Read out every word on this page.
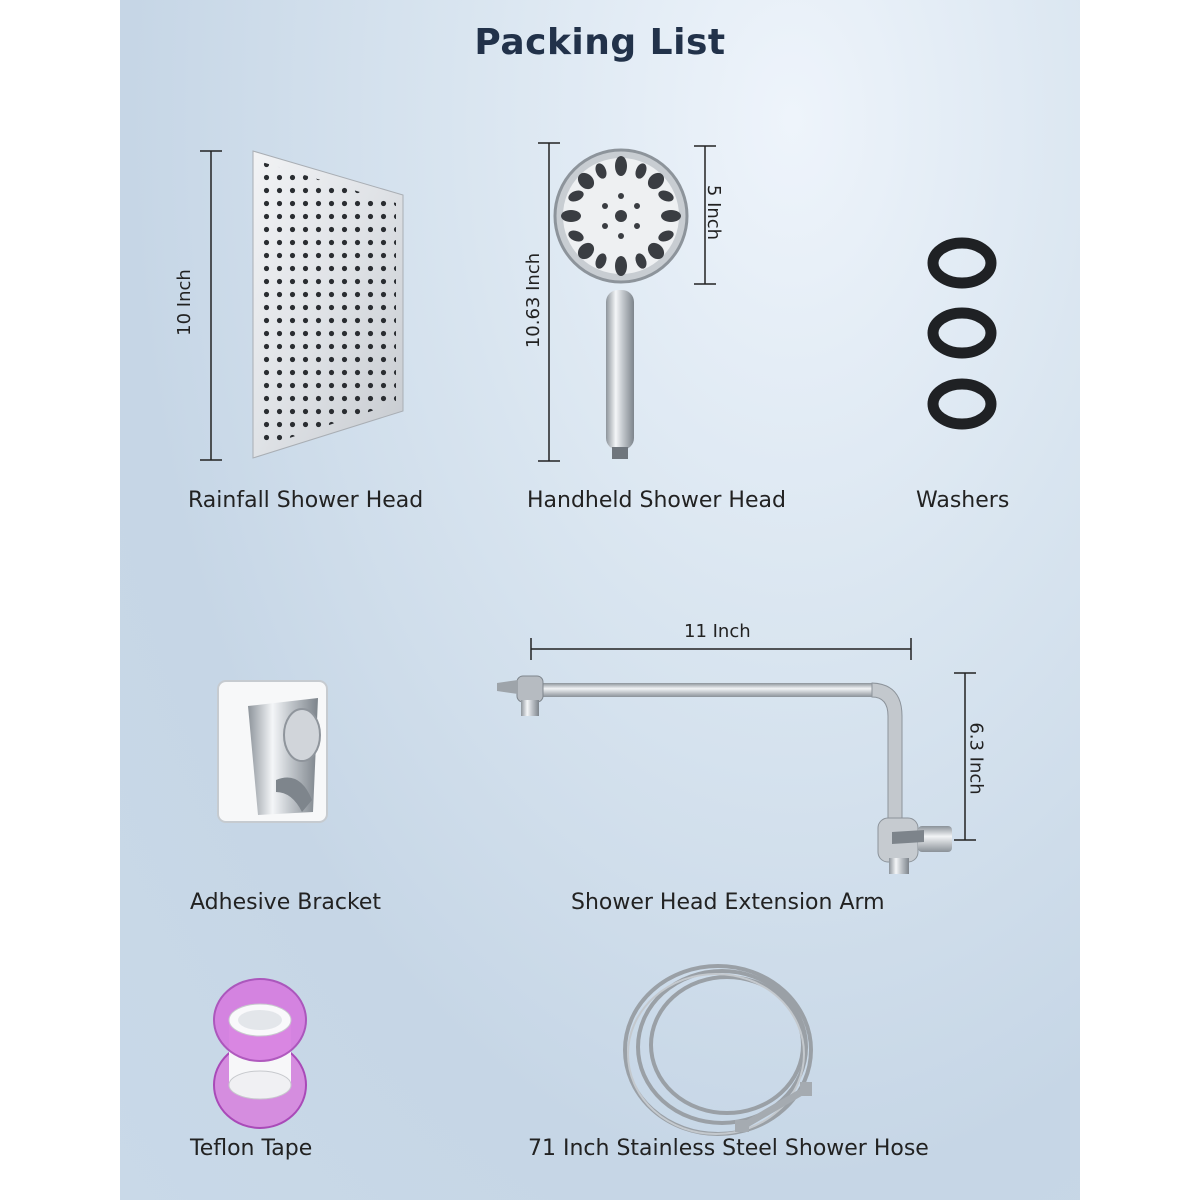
Packing List
10 Inch	10.63 Inch
5 Inch
11 Inch
6.3 Inch
Rainfall Shower Head	Handheld Shower Head	Washers
Adhesive Bracket	Shower Head Extension Arm
Teflon Tape	71 Inch Stainless Steel Shower Hose
